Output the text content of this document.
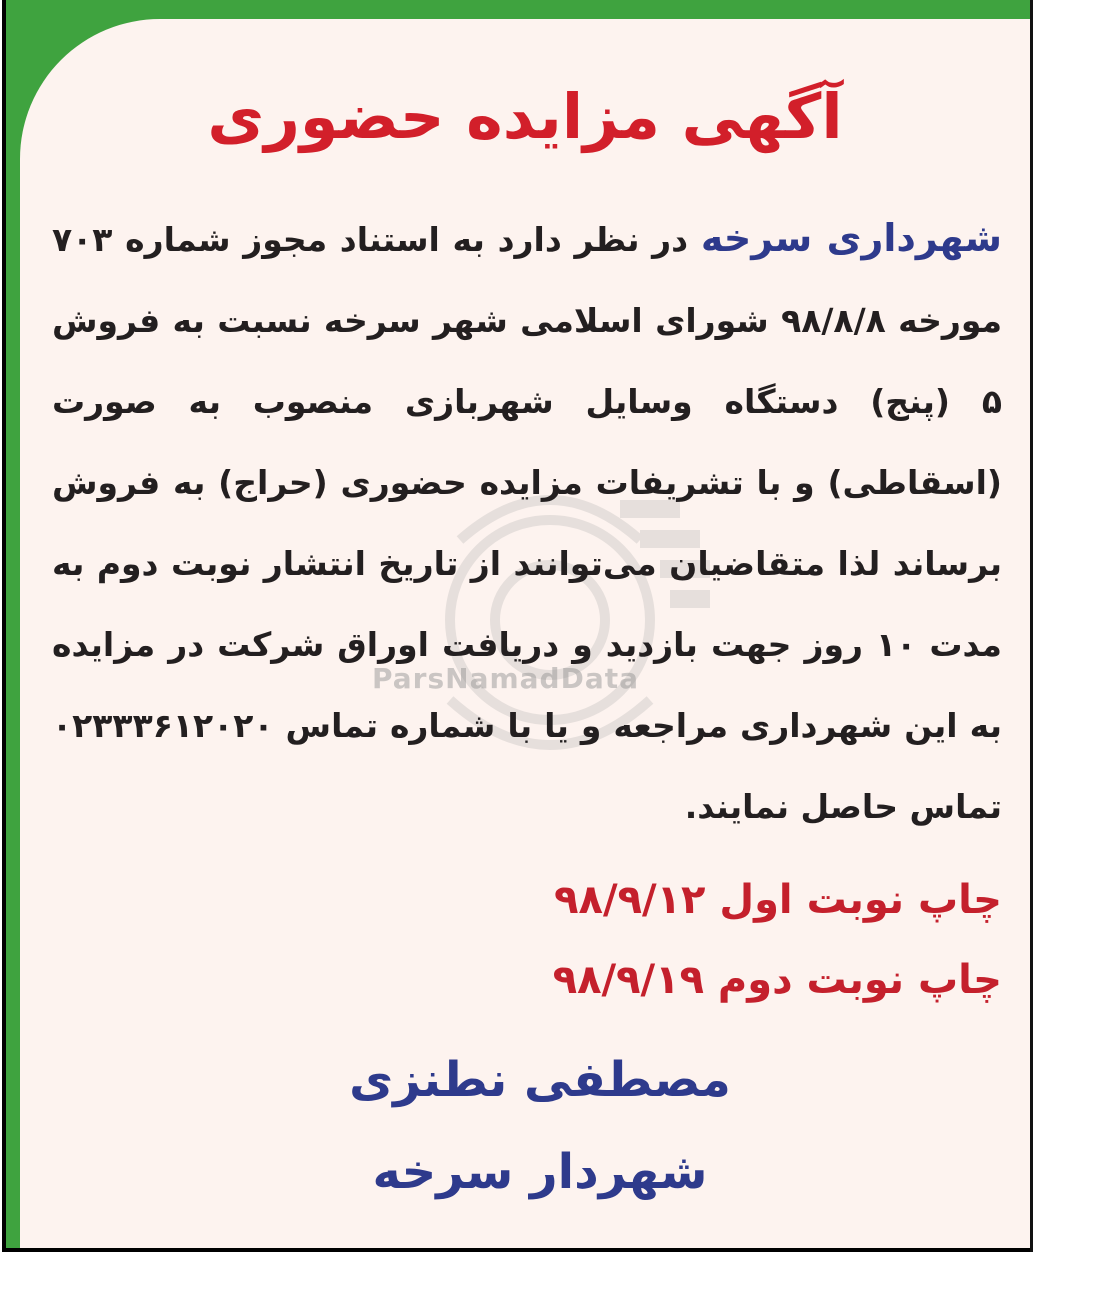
ParsNamadData
آگهی مزایده حضوری
شهرداری سرخه در نظر دارد به استناد مجوز شماره ۷۰۳ مورخه ۹۸/۸/۸ شورای اسلامی شهر سرخه نسبت به فروش ۵ (پنج) دستگاه وسایل شهربازی منصوب به صورت (اسقاطی) و با تشریفات مزایده حضوری (حراج) به فروش برساند لذا متقاضیان می‌توانند از تاریخ انتشار نوبت دوم به مدت ۱۰ روز جهت بازدید و دریافت اوراق شرکت در مزایده به این شهرداری مراجعه و یا با شماره تماس ۰۲۳۳۳۶۱۲۰۲۰ تماس حاصل نمایند.
چاپ نوبت اول ۹۸/۹/۱۲
چاپ نوبت دوم ۹۸/۹/۱۹
مصطفی نطنزی
شهردار سرخه
